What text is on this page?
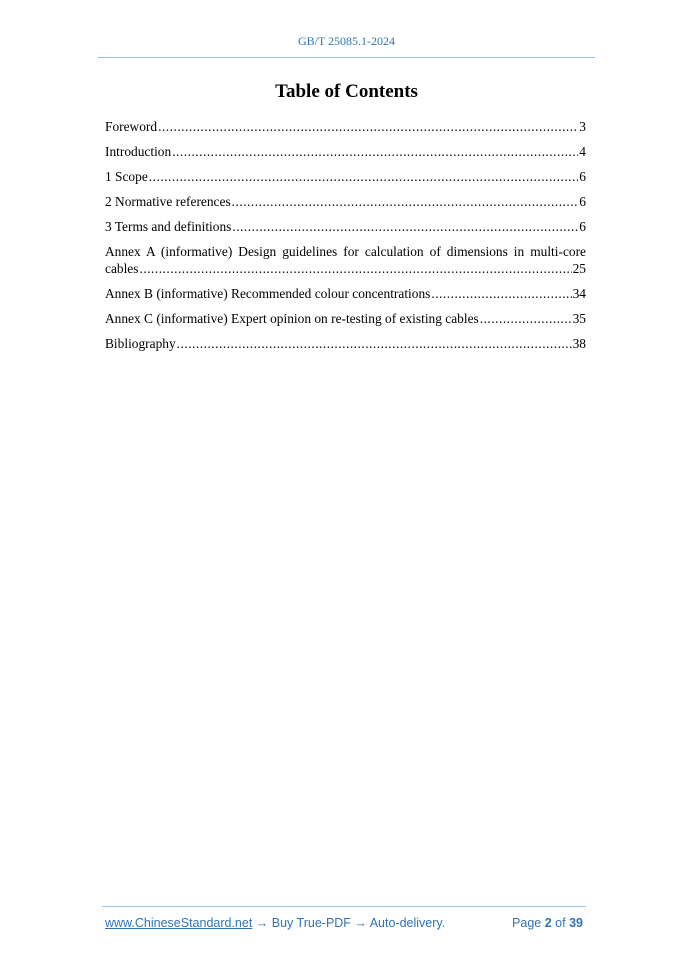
GB/T 25085.1-2024
Table of Contents
Foreword .....	3
Introduction .....	4
1 Scope .....	6
2 Normative references .....	6
3 Terms and definitions .....	6
Annex A (informative) Design guidelines for calculation of dimensions in multi-core
cables .....	25
Annex B (informative) Recommended colour concentrations .....	34
Annex C (informative) Expert opinion on re-testing of existing cables .....	35
Bibliography .....	38
www.ChineseStandard.net → Buy True-PDF → Auto-delivery.	Page 2 of 39
